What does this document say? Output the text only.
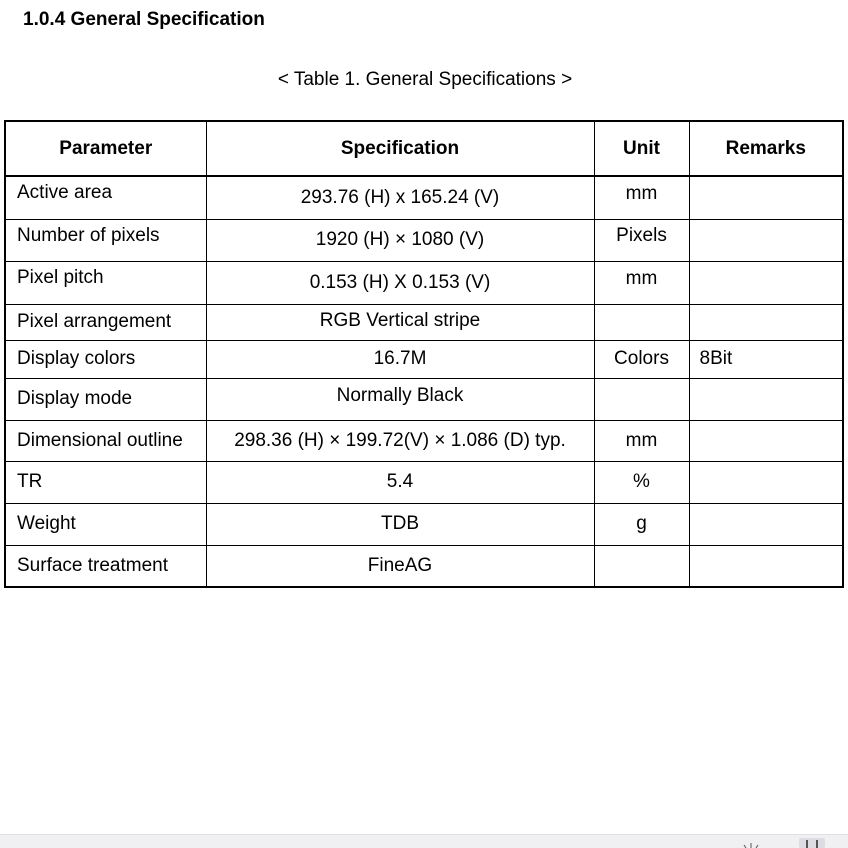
1.0.4 General Specification
< Table 1. General Specifications >
Parameter	Specification	Unit	Remarks
Active area	293.76 (H) x 165.24 (V)	mm	
Number of pixels	1920 (H) × 1080 (V)	Pixels	
Pixel pitch	0.153 (H) X 0.153 (V)	mm	
Pixel arrangement	RGB Vertical stripe		
Display colors	16.7M	Colors	8Bit
Display mode	Normally Black		
Dimensional outline	298.36 (H) × 199.72(V) × 1.086 (D) typ.	mm	
TR	5.4	%	
Weight	TDB	g	
Surface treatment	FineAG		
